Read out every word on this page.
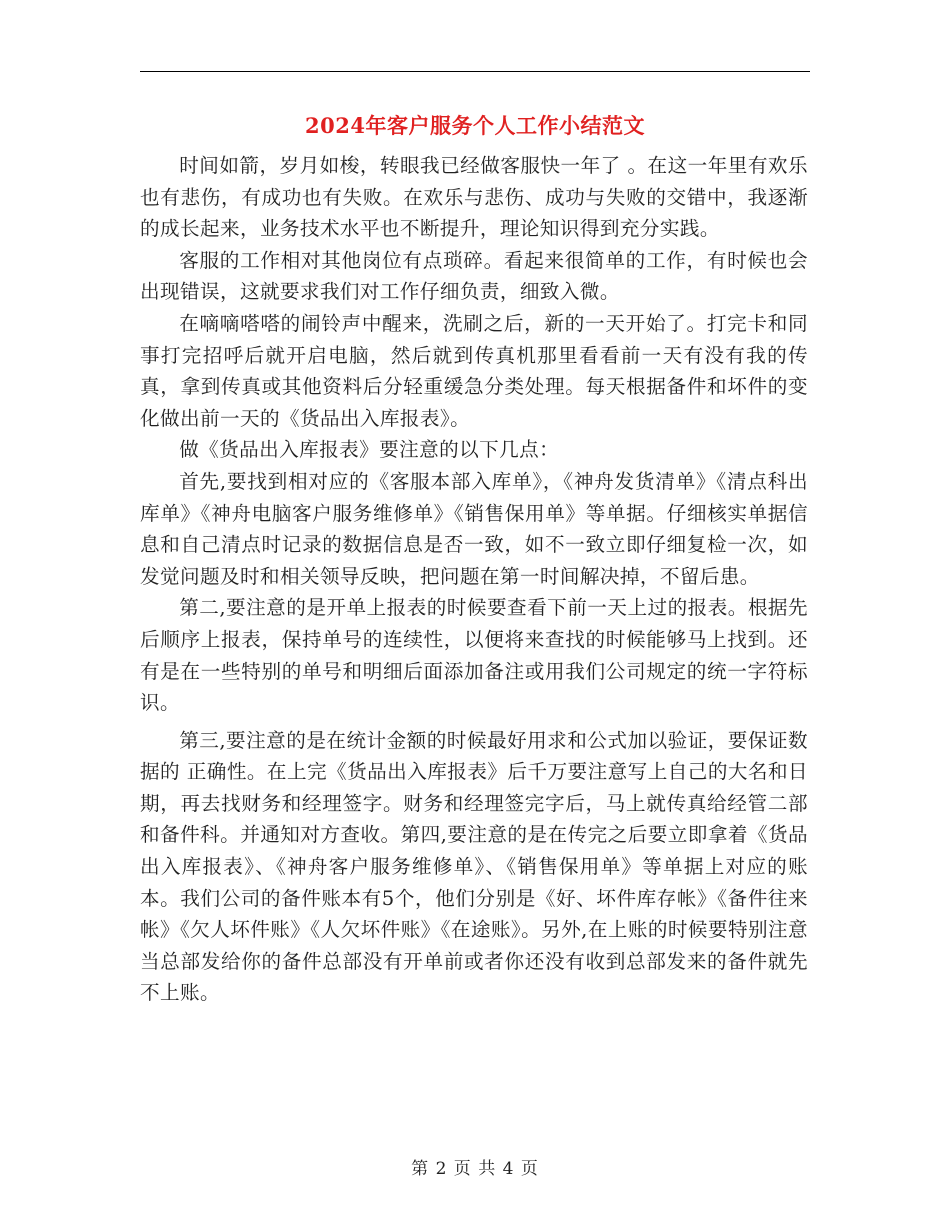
2024年客户服务个人工作小结范文

时间如箭，岁月如梭，转眼我已经做客服快一年了 。在这一年里有欢乐也有悲伤，有成功也有失败。在欢乐与悲伤、成功与失败的交错中，我逐渐的成长起来，业务技术水平也不断提升，理论知识得到充分实践。

客服的工作相对其他岗位有点琐碎。看起来很简单的工作，有时候也会出现错误，这就要求我们对工作仔细负责，细致入微。

在嘀嘀嗒嗒的闹铃声中醒来，洗刷之后，新的一天开始了。打完卡和同事打完招呼后就开启电脑，然后就到传真机那里看看前一天有没有我的传真，拿到传真或其他资料后分轻重缓急分类处理。每天根据备件和坏件的变化做出前一天的《货品出入库报表》。

做《货品出入库报表》要注意的以下几点：

首先,要找到相对应的《客服本部入库单》，《神舟发货清单》《清点科出库单》《神舟电脑客户服务维修单》《销售保用单》等单据。仔细核实单据信息和自己清点时记录的数据信息是否一致，如不一致立即仔细复检一次，如发觉问题及时和相关领导反映，把问题在第一时间解决掉，不留后患。

第二,要注意的是开单上报表的时候要查看下前一天上过的报表。根据先后顺序上报表，保持单号的连续性，以便将来查找的时候能够马上找到。还有是在一些特别的单号和明细后面添加备注或用我们公司规定的统一字符标识。

第三,要注意的是在统计金额的时候最好用求和公式加以验证，要保证数据的 正确性。在上完《货品出入库报表》后千万要注意写上自己的大名和日期，再去找财务和经理签字。财务和经理签完字后，马上就传真给经管二部和备件科。并通知对方查收。第四,要注意的是在传完之后要立即拿着《货品出入库报表》、《神舟客户服务维修单》、《销售保用单》等单据上对应的账本。我们公司的备件账本有5个，他们分别是《好、坏件库存帐》《备件往来帐》《欠人坏件账》《人欠坏件账》《在途账》。另外,在上账的时候要特别注意当总部发给你的备件总部没有开单前或者你还没有收到总部发来的备件就先不上账。

第 2 页 共 4 页
